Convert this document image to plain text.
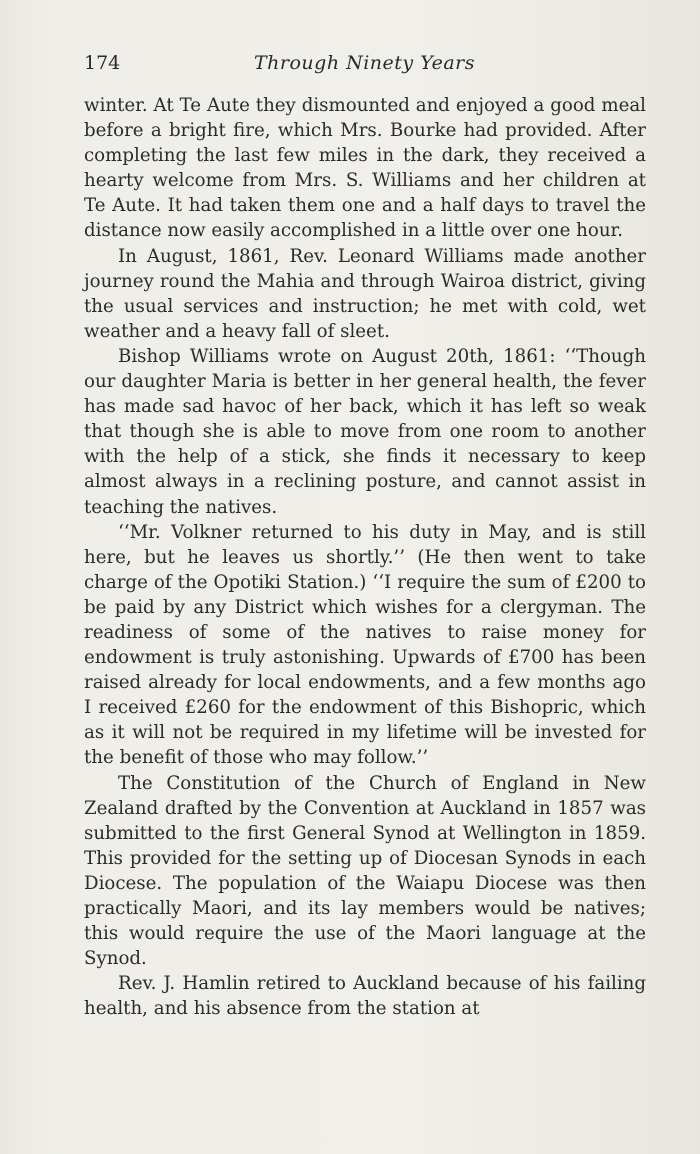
174	Through Ninety Years

winter. At Te Aute they dismounted and enjoyed a good meal before a bright fire, which Mrs. Bourke had provided. After completing the last few miles in the dark, they received a hearty welcome from Mrs. S. Williams and her children at Te Aute. It had taken them one and a half days to travel the distance now easily accomplished in a little over one hour.

In August, 1861, Rev. Leonard Williams made another journey round the Mahia and through Wairoa district, giving the usual services and instruction; he met with cold, wet weather and a heavy fall of sleet.

Bishop Williams wrote on August 20th, 1861: ‘‘Though our daughter Maria is better in her general health, the fever has made sad havoc of her back, which it has left so weak that though she is able to move from one room to another with the help of a stick, she finds it necessary to keep almost always in a reclining posture, and cannot assist in teaching the natives.

‘‘Mr. Volkner returned to his duty in May, and is still here, but he leaves us shortly.’’ (He then went to take charge of the Opotiki Station.) ‘‘I require the sum of £200 to be paid by any District which wishes for a clergyman. The readiness of some of the natives to raise money for endowment is truly astonishing. Upwards of £700 has been raised already for local endowments, and a few months ago I received £260 for the endowment of this Bishopric, which as it will not be required in my lifetime will be invested for the benefit of those who may follow.’’

The Constitution of the Church of England in New Zealand drafted by the Convention at Auckland in 1857 was submitted to the first General Synod at Wellington in 1859. This provided for the setting up of Diocesan Synods in each Diocese. The population of the Waiapu Diocese was then practically Maori, and its lay members would be natives; this would require the use of the Maori language at the Synod.

Rev. J. Hamlin retired to Auckland because of his failing health, and his absence from the station at
